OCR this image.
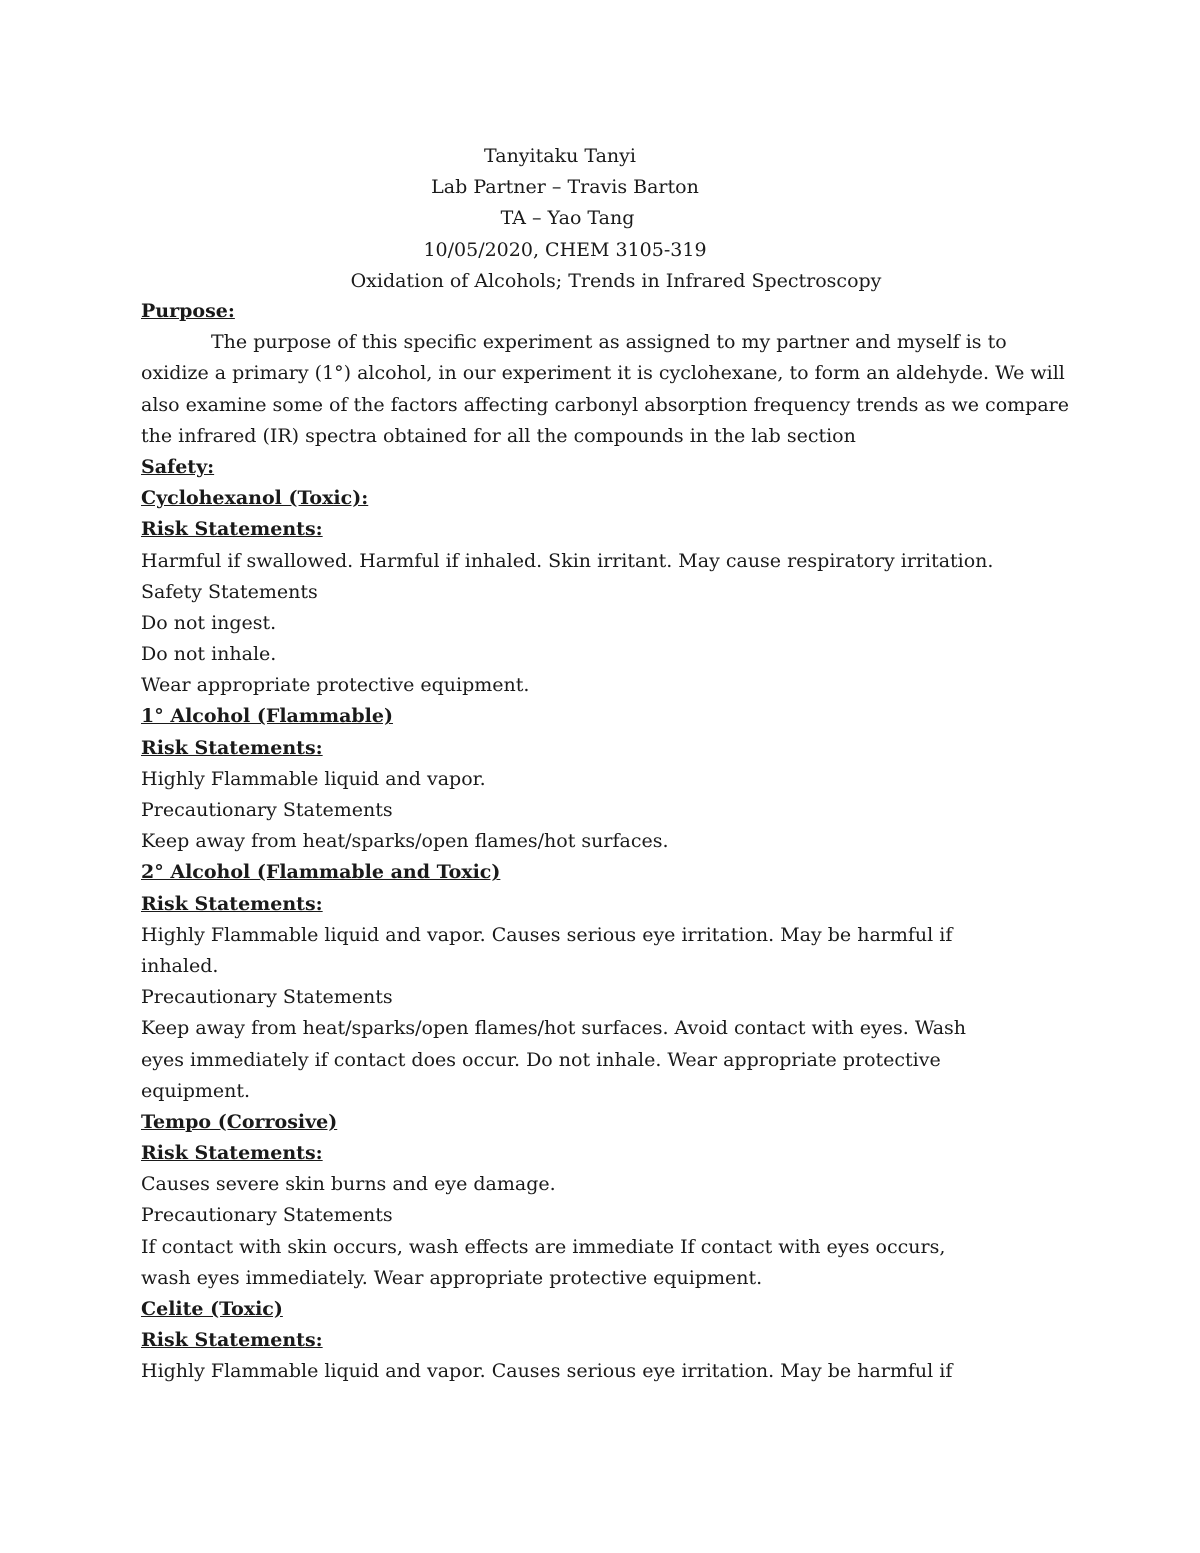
Tanyitaku Tanyi
Lab Partner – Travis Barton
TA – Yao Tang
10/05/2020, CHEM 3105-319
Oxidation of Alcohols; Trends in Infrared Spectroscopy
Purpose:
The purpose of this specific experiment as assigned to my partner and myself is to
oxidize a primary (1°) alcohol, in our experiment it is cyclohexane, to form an aldehyde. We will
also examine some of the factors affecting carbonyl absorption frequency trends as we compare
the infrared (IR) spectra obtained for all the compounds in the lab section
Safety:
Cyclohexanol (Toxic):
Risk Statements:
Harmful if swallowed. Harmful if inhaled. Skin irritant. May cause respiratory irritation.
Safety Statements
Do not ingest.
Do not inhale.
Wear appropriate protective equipment.
1° Alcohol (Flammable)
Risk Statements:
Highly Flammable liquid and vapor.
Precautionary Statements
Keep away from heat/sparks/open flames/hot surfaces.
2° Alcohol (Flammable and Toxic)
Risk Statements:
Highly Flammable liquid and vapor. Causes serious eye irritation. May be harmful if
inhaled.
Precautionary Statements
Keep away from heat/sparks/open flames/hot surfaces. Avoid contact with eyes. Wash
eyes immediately if contact does occur. Do not inhale. Wear appropriate protective
equipment.
Tempo (Corrosive)
Risk Statements:
Causes severe skin burns and eye damage.
Precautionary Statements
If contact with skin occurs, wash effects are immediate If contact with eyes occurs,
wash eyes immediately. Wear appropriate protective equipment.
Celite (Toxic)
Risk Statements:
Highly Flammable liquid and vapor. Causes serious eye irritation. May be harmful if
